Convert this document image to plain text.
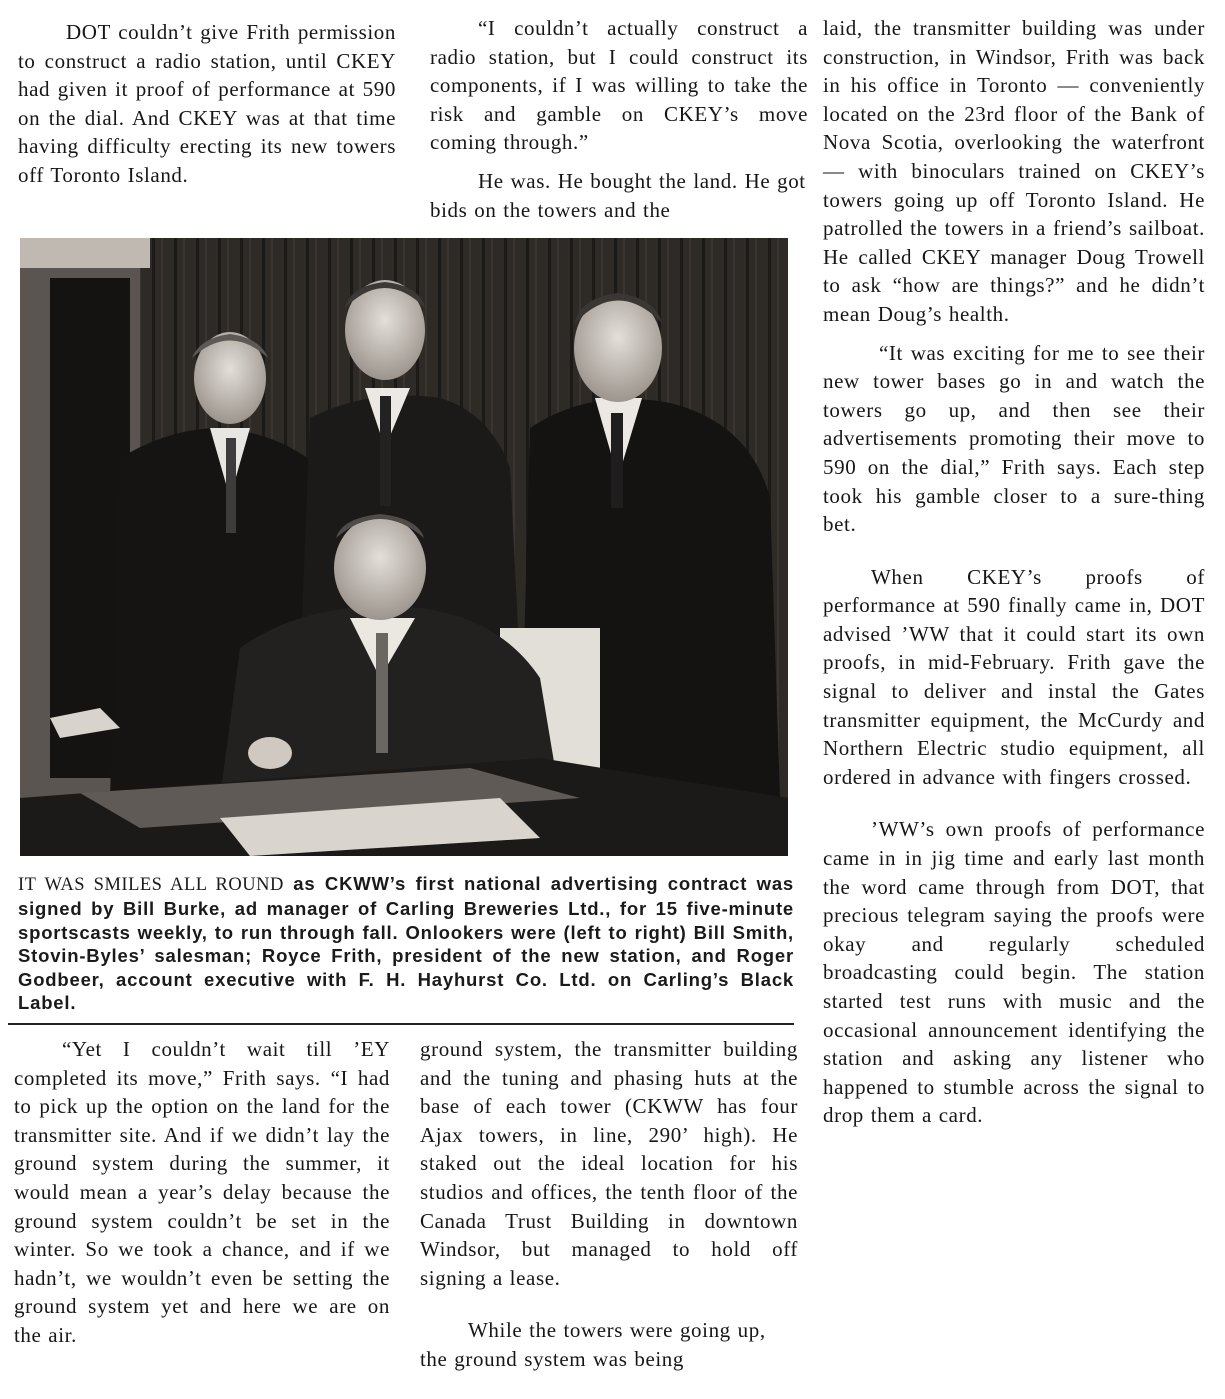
DOT couldn’t give Frith permission to construct a radio station, until CKEY had given it proof of performance at 590 on the dial. And CKEY was at that time having difficulty erecting its new towers off Toronto Island.

“I couldn’t actually construct a radio station, but I could construct its components, if I was willing to take the risk and gamble on CKEY’s move coming through.”

He was. He bought the land. He got bids on the towers and the

laid, the transmitter building was under construction, in Windsor, Frith was back in his office in Toronto — conveniently located on the 23rd floor of the Bank of Nova Scotia, overlooking the waterfront— with binoculars trained on CKEY’s towers going up off Toronto Island. He patrolled the towers in a friend’s sailboat. He called CKEY manager Doug Trowell to ask “how are things?” and he didn’t mean Doug’s health.

“It was exciting for me to see their new tower bases go in and watch the towers go up, and then see their advertisements promoting their move to 590 on the dial,” Frith says. Each step took his gamble closer to a sure-thing bet.

When CKEY’s proofs of performance at 590 finally came in, DOT advised ’WW that it could start its own proofs, in mid-February. Frith gave the signal to deliver and instal the Gates transmitter equipment, the McCurdy and Northern Electric studio equipment, all ordered in advance with fingers crossed.

’WW’s own proofs of performance came in in jig time and early last month the word came through from DOT, that precious telegram saying the proofs were okay and regularly scheduled broadcasting could begin. The station started test runs with music and the occasional announcement identifying the station and asking any listener who happened to stumble across the signal to drop them a card.

IT WAS SMILES ALL ROUND as CKWW’s first national advertising contract was signed by Bill Burke, ad manager of Carling Breweries Ltd., for 15 five-minute sportscasts weekly, to run through fall. Onlookers were (left to right) Bill Smith, Stovin-Byles’ salesman; Royce Frith, president of the new station, and Roger Godbeer, account executive with F. H. Hayhurst Co. Ltd. on Carling’s Black Label.

“Yet I couldn’t wait till ’EY completed its move,” Frith says. “I had to pick up the option on the land for the transmitter site. And if we didn’t lay the ground system during the summer, it would mean a year’s delay because the ground system couldn’t be set in the winter. So we took a chance, and if we hadn’t, we wouldn’t even be setting the ground system yet and here we are on the air.

ground system, the transmitter building and the tuning and phasing huts at the base of each tower (CKWW has four Ajax towers, in line, 290’ high). He staked out the ideal location for his studios and offices, the tenth floor of the Canada Trust Building in downtown Windsor, but managed to hold off signing a lease.

While the towers were going up, the ground system was being
